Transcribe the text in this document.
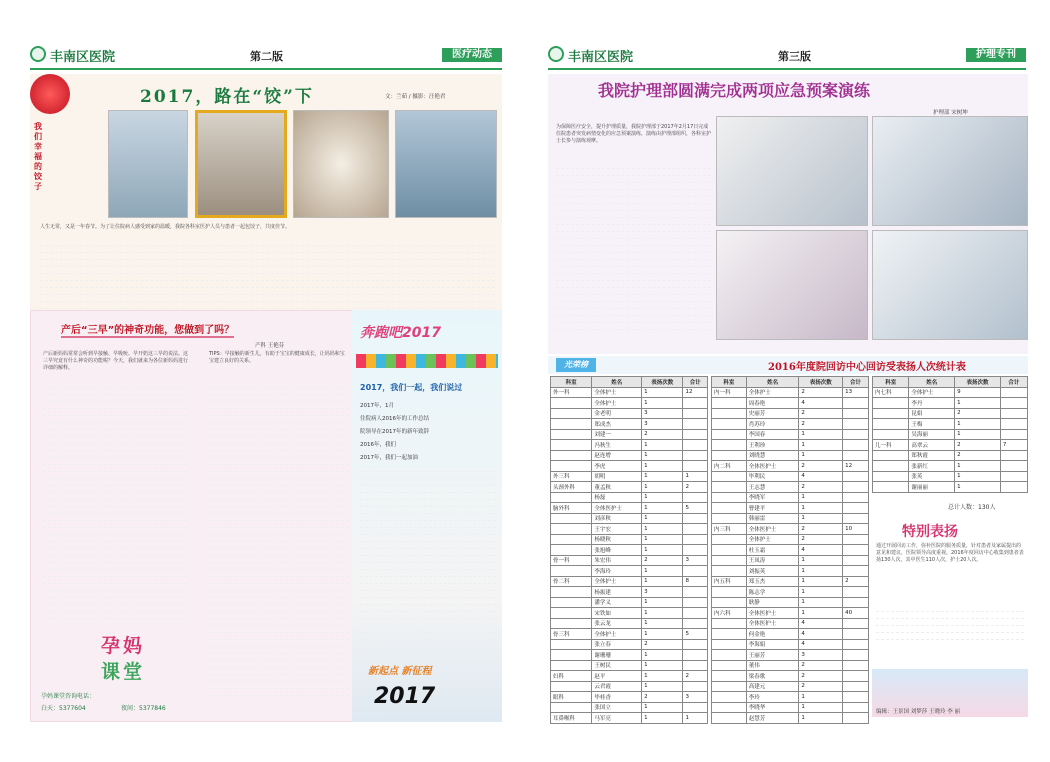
丰南区医院	第二版	医疗动态
2017，路在“饺”下	文：兰茹 / 摄影：汪艳君
我们幸福的饺子
人生无常，又是一年春节。为了让住院病人感受到家的温暖，我院各科室医护人员与患者一起包饺子，共度佳节。
产后“三早”的神奇功能，您做到了吗？
产科 王艳芬
产后新妈妈常常会听到早接触、早吸吮、早开奶这三早的说法。这三早究竟有什么神奇的功能呢？今天，我们就来为各位新妈妈进行详细的解释。
TIPS：早接触的新生儿，有助于宝宝的健康成长，让妈妈和宝宝建立良好的关系。
孕妈
课堂
孕妈课堂咨询电话：
白天：5377604	夜间：5377846
奔跑吧2017
2017，我们一起，我们说过
2017年，1月
住院病人2016年的工作总结
院领导在2017年的新年致辞
2016年，我们
2017年，我们一起加油
新起点 新征程
2017
丰南区医院	第三版	护理专刊
我院护理部圆满完成两项应急预案演练
护理部 宋树坤
为保障医疗安全，提升护理质量，我院护理部于2017年2月17日完成住院患者突发病情变化的应急预案演练，演练由护理部组织，各科室护士长参与演练观摩。
光荣榜	2016年度院回访中心回访受表扬人次统计表
科室	姓名	表扬次数	合计
外一科	全体护士	1	12
	全体护士	1	
	金老明	3	
	郑成杰	3	
	刘建一	2	
	冯秋生	1	
	赵连增	1	
	李虎	1	
外三科	胡明	1	1
头颈外科	董孟秋	1	2
	杨磊	1	
脑外科	全体医护士	1	5
	刘彦秋	1	
	王宇宏	1	
	杨晓秋	1	
	张旭峰	1	
骨一科	朱宏伟	2	3
	李海玲	1	
骨二科	全体护士	1	8
	杨振建	3	
	潘学义	1	
	宋铁如	1	
	张云龙	1	
骨三科	全体护士	1	5
	张立春	2	
	谢珊珊	1	
	王树民	1	
妇科	赵平	1	2
	云君霞	1	
眼科	毕桂香	2	3
	张国立	1	
耳鼻喉科	马军亮	1	1
科室	姓名	表扬次数	合计
内一科	全体护士	2	13
	周春艳	4	
	史丽芳	2	
	肖苏玲	2	
	李国春	1	
	王利珍	1	
	刘晓慧	1	
内二科	全体医护士	2	12
	毕利民	4	
	王志慧	2	
	李晓军	1	
	曹建平	1	
	韩丽雷	1	
内三科	全体医护士	2	10
	全体护士	2	
	杜玉霜	4	
	王凤涛	1	
	刘振英	1	
内五科	郑玉杰	1	2
	陈志学	1	
	耿静	1	
内六科	全体医护士	1	40
	全体医护士	4	
	何金艳	4	
	李海娟	4	
	王丽芳	3	
	董伟	2	
	梁春歌	2	
	高建元	2	
	李玲	1	
	李晓华	1	
	赵慧芳	1	
科室	姓名	表扬次数	合计
内七科	全体护士	9	
	李丹	1	
	昆娟	2	
	王梅	1	
	吴海丽	1	
儿一科	高翠云	2	7
	郑秋霞	2	
	张新红	1	
	张英	1	
	谢丽丽	1	
总计人数：130人
特别表扬
通过开展回访工作，弥补医院的服务质量，针对患者及家属提出的意见和建议，医院领导高度重视。2016年度回访中心收集到患者表扬130人次，其中医生110人次，护士20人次。
编辑：王景国 刘梦莎 王晓玲 李 丽
